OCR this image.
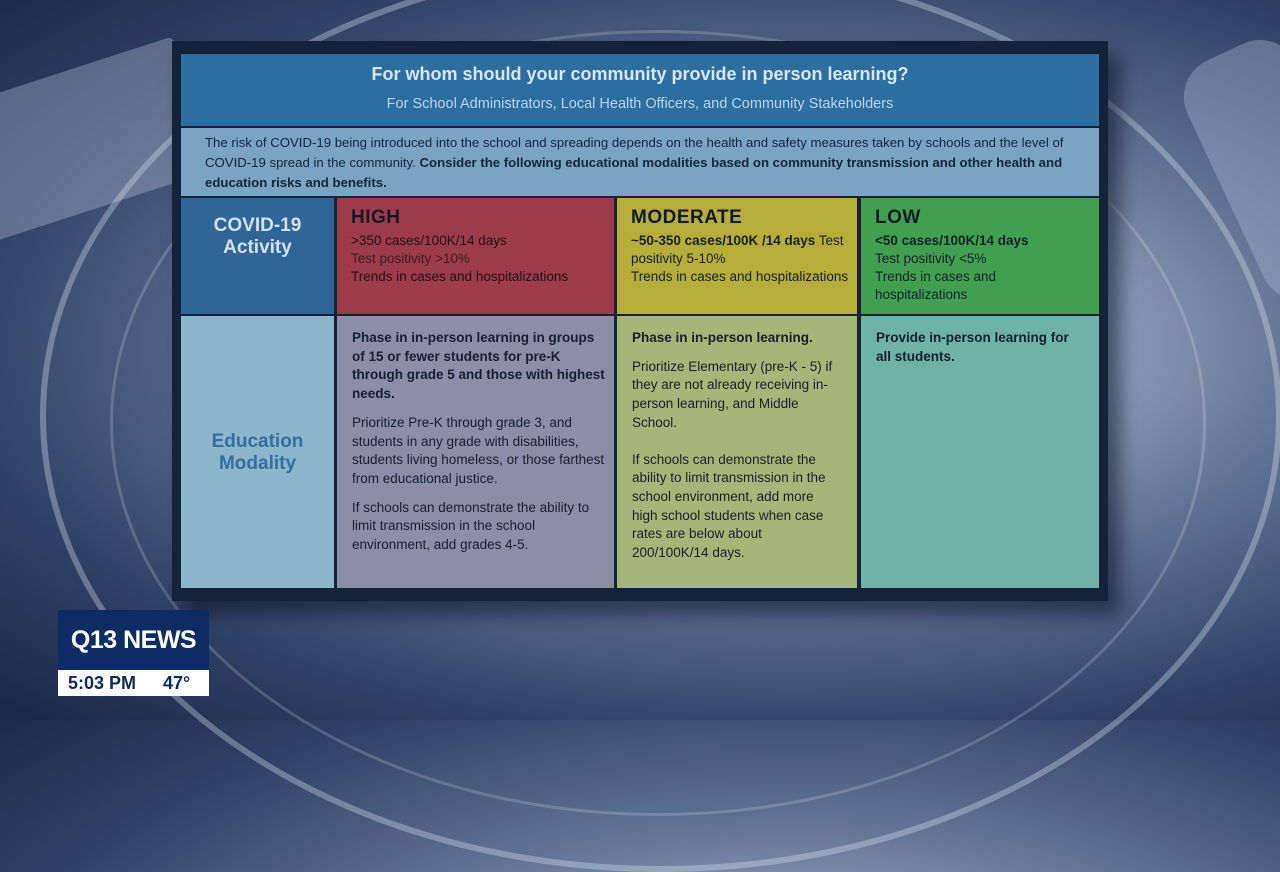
For whom should your community provide in person learning?
For School Administrators, Local Health Officers, and Community Stakeholders

The risk of COVID-19 being introduced into the school and spreading depends on the health and safety measures taken by schools and the level of COVID-19 spread in the community. Consider the following educational modalities based on community transmission and other health and education risks and benefits.

COVID-19 Activity
HIGH
>350 cases/100K/14 days
Test positivity >10%
Trends in cases and hospitalizations
MODERATE
~50-350 cases/100K /14 days Test positivity 5-10%
Trends in cases and hospitalizations
LOW
<50 cases/100K/14 days
Test positivity <5%
Trends in cases and hospitalizations
Education Modality

Phase in in-person learning in groups of 15 or fewer students for pre-K through grade 5 and those with highest needs.

Prioritize Pre-K through grade 3, and students in any grade with disabilities, students living homeless, or those farthest from educational justice.

If schools can demonstrate the ability to limit transmission in the school environment, add grades 4-5.

Phase in in-person learning.

Prioritize Elementary (pre-K - 5) if they are not already receiving in-person learning, and Middle School.

If schools can demonstrate the ability to limit transmission in the school environment, add more high school students when case rates are below about 200/100K/14 days.

Provide in-person learning for all students.

Q13 NEWS
5:03 PM 47°
